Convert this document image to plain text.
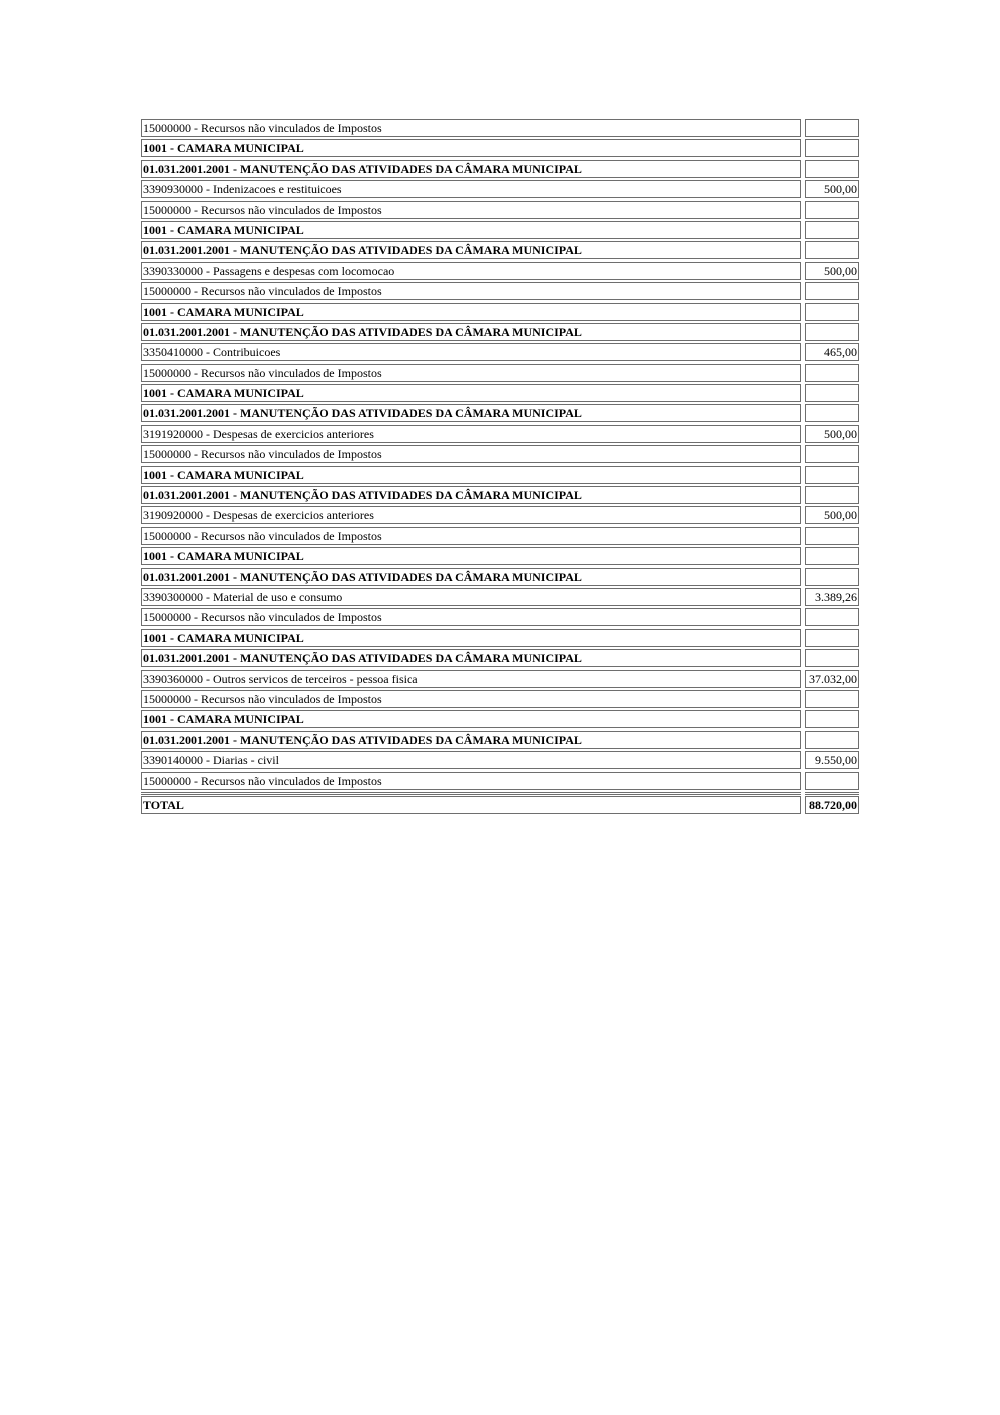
15000000 - Recursos não vinculados de Impostos
1001 - CAMARA MUNICIPAL
01.031.2001.2001 - MANUTENÇÃO DAS ATIVIDADES DA CÂMARA MUNICIPAL
3390930000 - Indenizacoes e restituicoes	500,00
15000000 - Recursos não vinculados de Impostos
1001 - CAMARA MUNICIPAL
01.031.2001.2001 - MANUTENÇÃO DAS ATIVIDADES DA CÂMARA MUNICIPAL
3390330000 - Passagens e despesas com locomocao	500,00
15000000 - Recursos não vinculados de Impostos
1001 - CAMARA MUNICIPAL
01.031.2001.2001 - MANUTENÇÃO DAS ATIVIDADES DA CÂMARA MUNICIPAL
3350410000 - Contribuicoes	465,00
15000000 - Recursos não vinculados de Impostos
1001 - CAMARA MUNICIPAL
01.031.2001.2001 - MANUTENÇÃO DAS ATIVIDADES DA CÂMARA MUNICIPAL
3191920000 - Despesas de exercicios anteriores	500,00
15000000 - Recursos não vinculados de Impostos
1001 - CAMARA MUNICIPAL
01.031.2001.2001 - MANUTENÇÃO DAS ATIVIDADES DA CÂMARA MUNICIPAL
3190920000 - Despesas de exercicios anteriores	500,00
15000000 - Recursos não vinculados de Impostos
1001 - CAMARA MUNICIPAL
01.031.2001.2001 - MANUTENÇÃO DAS ATIVIDADES DA CÂMARA MUNICIPAL
3390300000 - Material de uso e consumo	3.389,26
15000000 - Recursos não vinculados de Impostos
1001 - CAMARA MUNICIPAL
01.031.2001.2001 - MANUTENÇÃO DAS ATIVIDADES DA CÂMARA MUNICIPAL
3390360000 - Outros servicos de terceiros - pessoa fisica	37.032,00
15000000 - Recursos não vinculados de Impostos
1001 - CAMARA MUNICIPAL
01.031.2001.2001 - MANUTENÇÃO DAS ATIVIDADES DA CÂMARA MUNICIPAL
3390140000 - Diarias - civil	9.550,00
15000000 - Recursos não vinculados de Impostos
TOTAL	88.720,00
